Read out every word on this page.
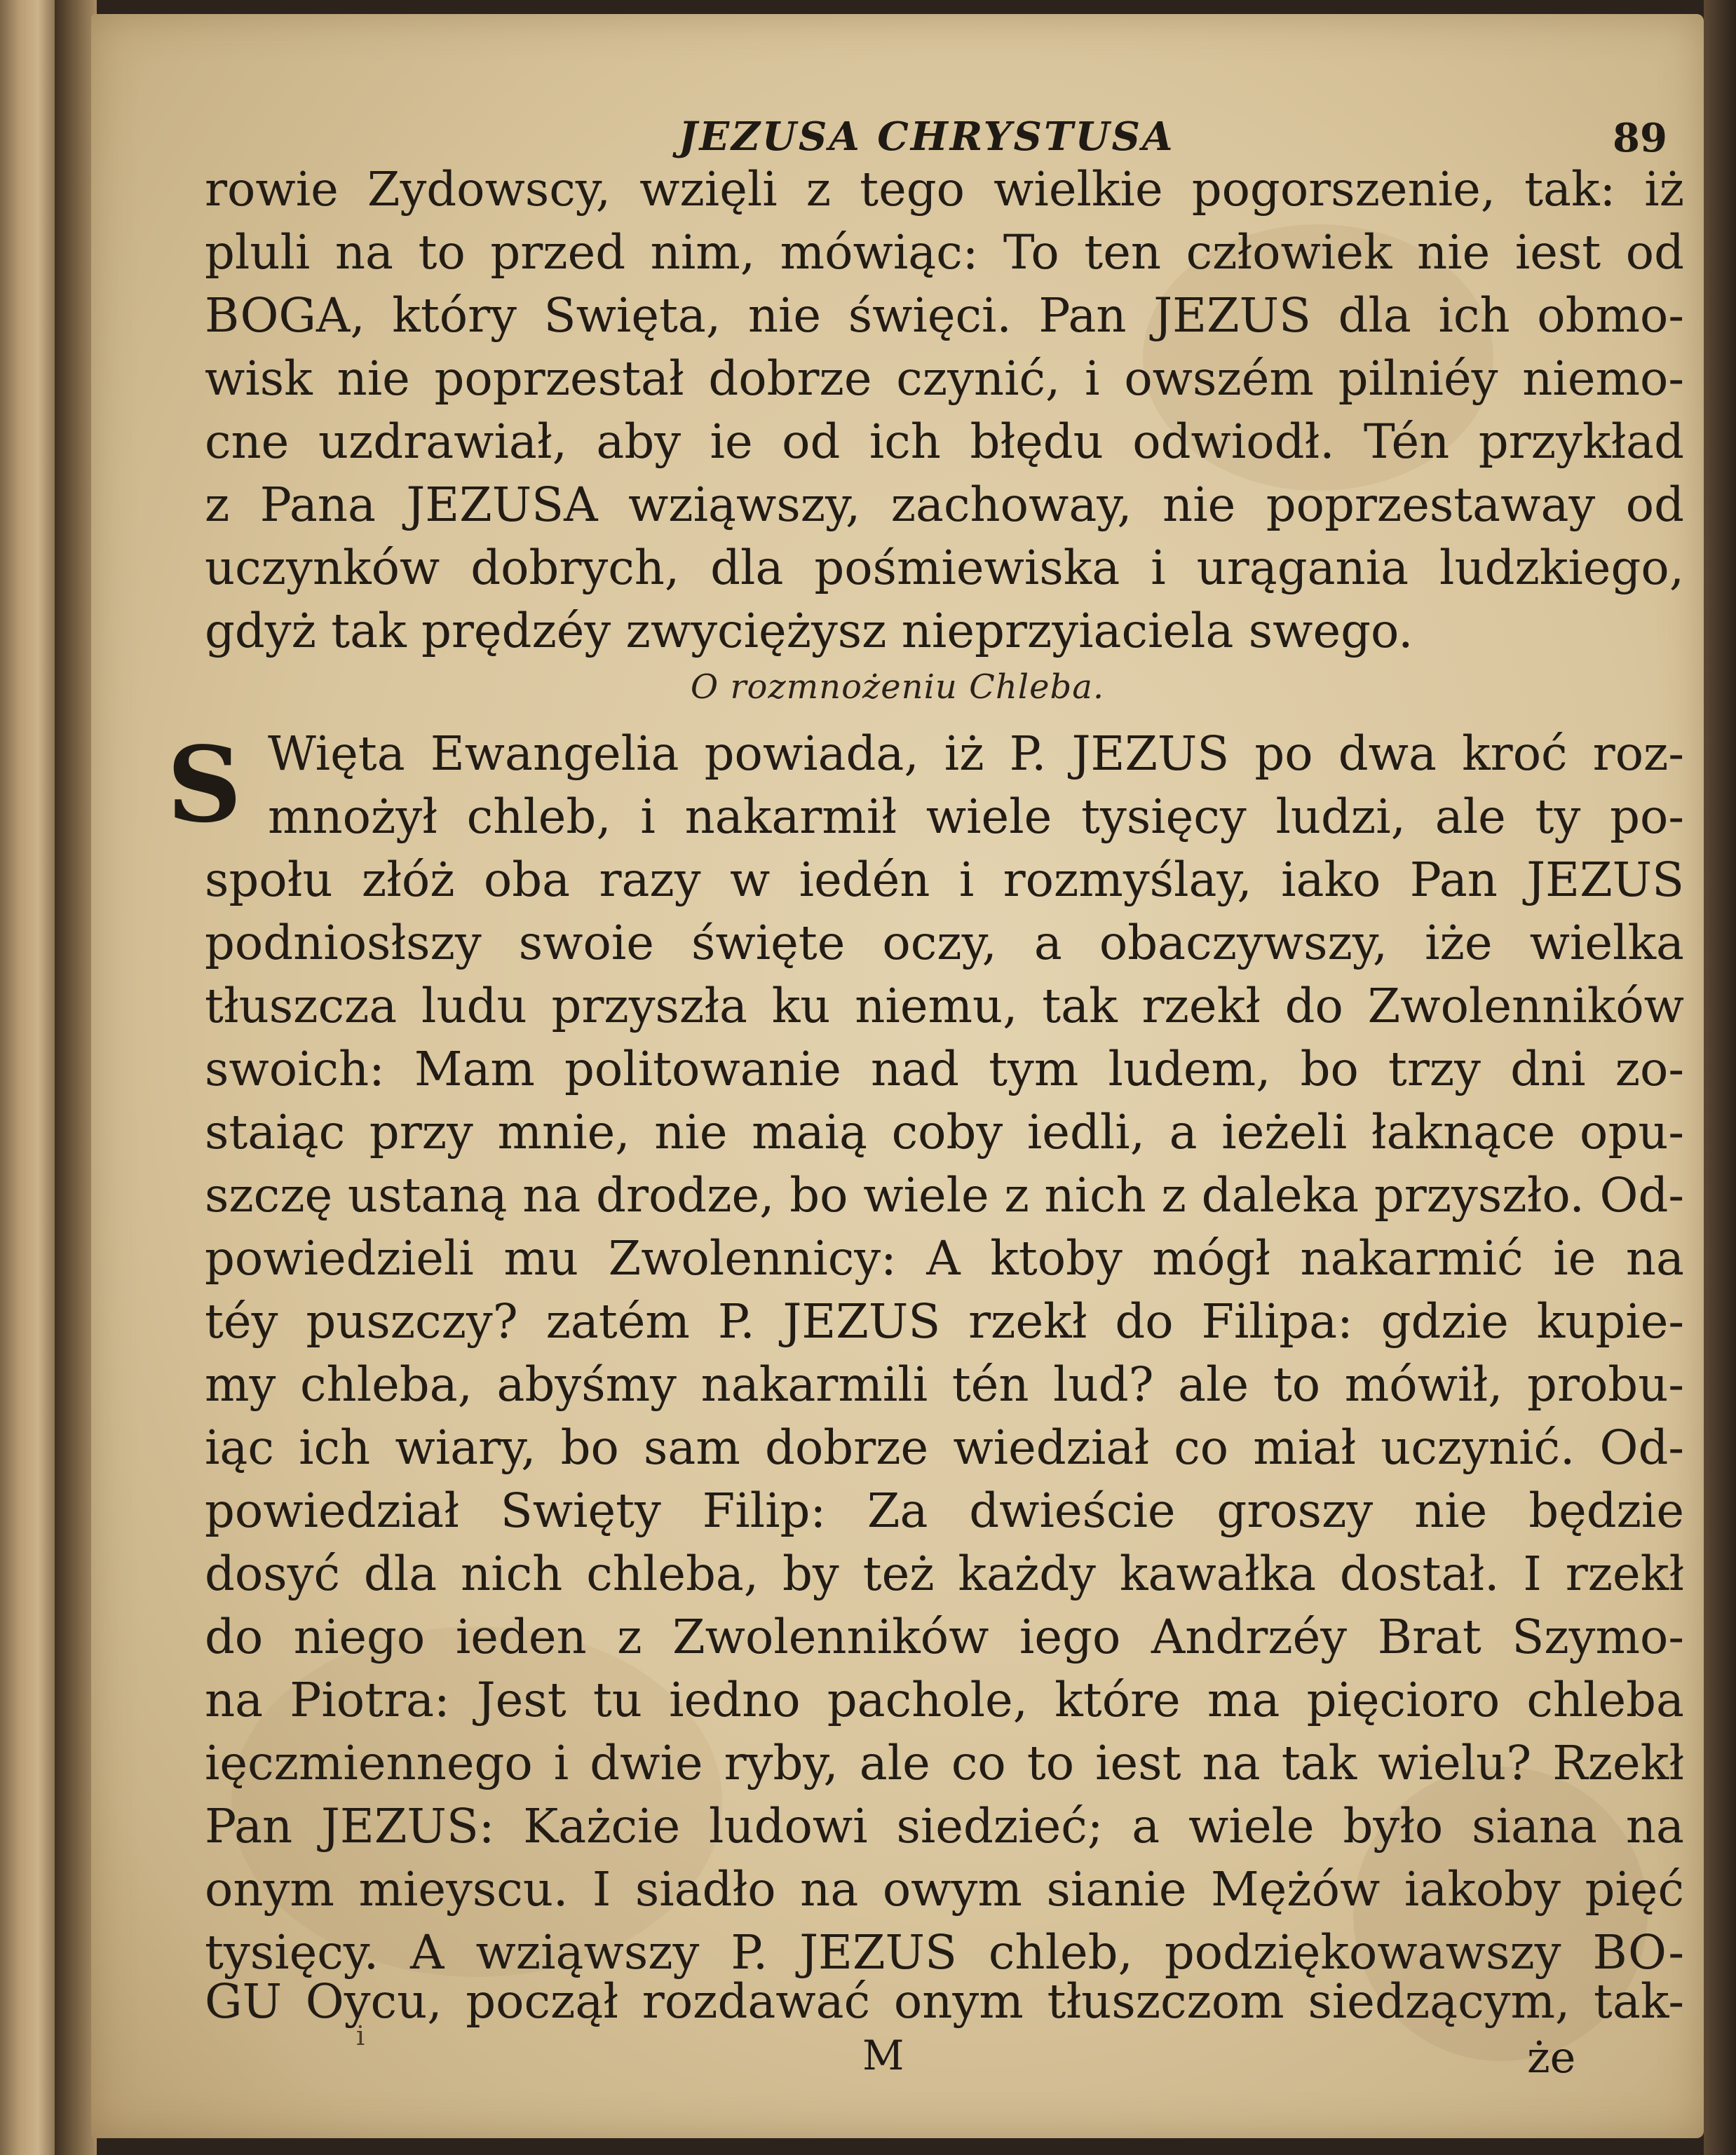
JEZUSA CHRYSTUSA	89
rowie Zydowscy, wzięli z tego wielkie pogorszenie, tak: iż
pluli na to przed nim, mówiąc: To ten człowiek nie iest od
BOGA, który Swięta, nie święci. Pan JEZUS dla ich obmo-
wisk nie poprzestał dobrze czynić, i owszém pilniéy niemo-
cne uzdrawiał, aby ie od ich błędu odwiodł. Tén przykład
z Pana JEZUSA wziąwszy, zachoway, nie poprzestaway od
uczynków dobrych, dla pośmiewiska i urągania ludzkiego,
gdyż tak prędzéy zwyciężysz nieprzyiaciela swego.
O rozmnożeniu Chleba.
S Więta Ewangelia powiada, iż P. JEZUS po dwa kroć roz-
mnożył chleb, i nakarmił wiele tysięcy ludzi, ale ty po-
społu złóż oba razy w iedén i rozmyślay, iako Pan JEZUS
podniosłszy swoie święte oczy, a obaczywszy, iże wielka
tłuszcza ludu przyszła ku niemu, tak rzekł do Zwolenników
swoich: Mam politowanie nad tym ludem, bo trzy dni zo-
staiąc przy mnie, nie maią coby iedli, a ieżeli łaknące opu-
szczę ustaną na drodze, bo wiele z nich z daleka przyszło. Od-
powiedzieli mu Zwolennicy: A ktoby mógł nakarmić ie na
téy puszczy? zatém P. JEZUS rzekł do Filipa: gdzie kupie-
my chleba, abyśmy nakarmili tén lud? ale to mówił, probu-
iąc ich wiary, bo sam dobrze wiedział co miał uczynić. Od-
powiedział Swięty Filip: Za dwieście groszy nie będzie
dosyć dla nich chleba, by też każdy kawałka dostał. I rzekł
do niego ieden z Zwolenników iego Andrzéy Brat Szymo-
na Piotra: Jest tu iedno pachole, które ma pięcioro chleba
ięczmiennego i dwie ryby, ale co to iest na tak wielu? Rzekł
Pan JEZUS: Każcie ludowi siedzieć; a wiele było siana na
onym mieyscu. I siadło na owym sianie Mężów iakoby pięć
tysięcy. A wziąwszy P. JEZUS chleb, podziękowawszy BO-
GU Oycu, począł rozdawać onym tłuszczom siedzącym, tak-
i	M	że
